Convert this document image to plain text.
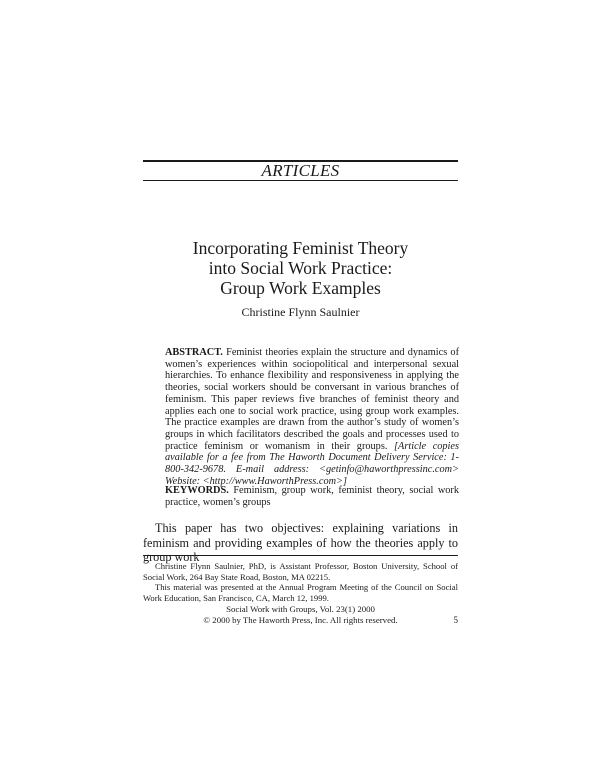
ARTICLES
Incorporating Feminist Theory
into Social Work Practice:
Group Work Examples
Christine Flynn Saulnier
ABSTRACT. Feminist theories explain the structure and dynamics of women’s experiences within sociopolitical and interpersonal sexual hierarchies. To enhance flexibility and responsiveness in applying the theories, social workers should be conversant in various branches of feminism. This paper reviews five branches of feminist theory and applies each one to social work practice, using group work examples. The practice examples are drawn from the author’s study of women’s groups in which facilitators described the goals and processes used to practice feminism or womanism in their groups. [Article copies available for a fee from The Haworth Document Delivery Service: 1-800-342-9678. E-mail address: <getinfo@haworthpressinc.com> Website: <http://www.HaworthPress.com>]
KEYWORDS. Feminism, group work, feminist theory, social work practice, women’s groups
This paper has two objectives: explaining variations in feminism and providing examples of how the theories apply to group work

Christine Flynn Saulnier, PhD, is Assistant Professor, Boston University, School of Social Work, 264 Bay State Road, Boston, MA 02215.

This material was presented at the Annual Program Meeting of the Council on Social Work Education, San Francisco, CA, March 12, 1999.

Social Work with Groups, Vol. 23(1) 2000
© 2000 by The Haworth Press, Inc. All rights reserved.	5
